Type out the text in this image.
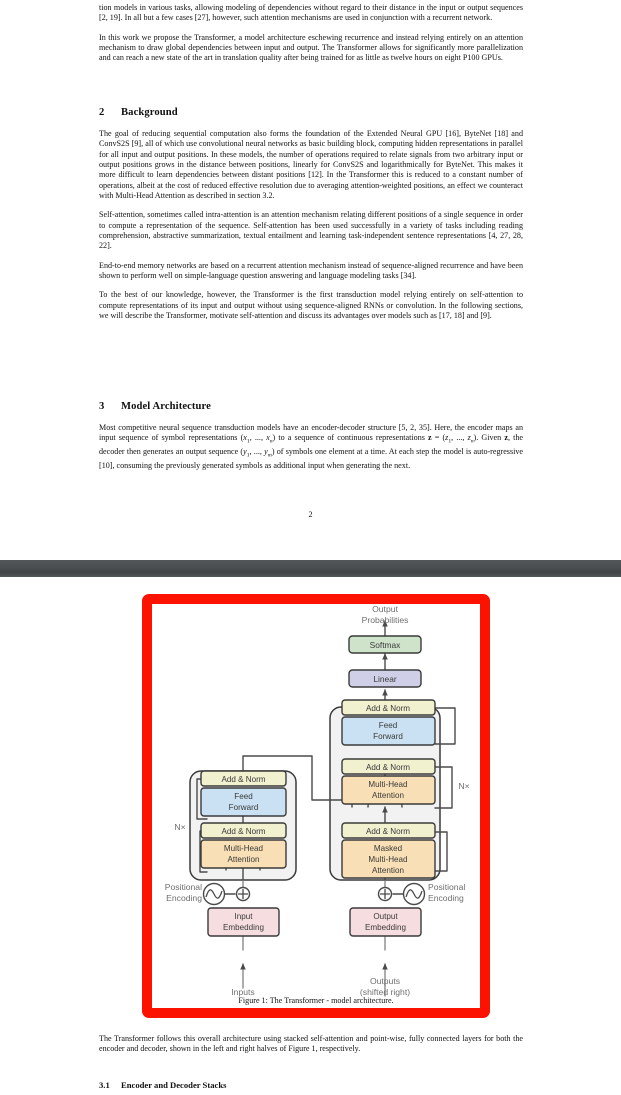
tion models in various tasks, allowing modeling of dependencies without regard to their distance in the input or output sequences [2, 19]. In all but a few cases [27], however, such attention mechanisms are used in conjunction with a recurrent network.

In this work we propose the Transformer, a model architecture eschewing recurrence and instead relying entirely on an attention mechanism to draw global dependencies between input and output. The Transformer allows for significantly more parallelization and can reach a new state of the art in translation quality after being trained for as little as twelve hours on eight P100 GPUs.

2 Background

The goal of reducing sequential computation also forms the foundation of the Extended Neural GPU [16], ByteNet [18] and ConvS2S [9], all of which use convolutional neural networks as basic building block, computing hidden representations in parallel for all input and output positions. In these models, the number of operations required to relate signals from two arbitrary input or output positions grows in the distance between positions, linearly for ConvS2S and logarithmically for ByteNet. This makes it more difficult to learn dependencies between distant positions [12]. In the Transformer this is reduced to a constant number of operations, albeit at the cost of reduced effective resolution due to averaging attention-weighted positions, an effect we counteract with Multi-Head Attention as described in section 3.2.

Self-attention, sometimes called intra-attention is an attention mechanism relating different positions of a single sequence in order to compute a representation of the sequence. Self-attention has been used successfully in a variety of tasks including reading comprehension, abstractive summarization, textual entailment and learning task-independent sentence representations [4, 27, 28, 22].

End-to-end memory networks are based on a recurrent attention mechanism instead of sequence-aligned recurrence and have been shown to perform well on simple-language question answering and language modeling tasks [34].

To the best of our knowledge, however, the Transformer is the first transduction model relying entirely on self-attention to compute representations of its input and output without using sequence-aligned RNNs or convolution. In the following sections, we will describe the Transformer, motivate self-attention and discuss its advantages over models such as [17, 18] and [9].

3 Model Architecture

Most competitive neural sequence transduction models have an encoder-decoder structure [5, 2, 35]. Here, the encoder maps an input sequence of symbol representations ($x_1$, ..., $x_n$) to a sequence of continuous representations $z = (z_1$, ..., $z_n$). Given z, the decoder then generates an output sequence ($y_1$, ..., $y_m$) of symbols one element at a time. At each step the model is auto-regressive [10], consuming the previously generated symbols as additional input when generating the next.

2
Softmax
Linear
Add & Norm
Feed
Forward
Add & Norm
Multi-Head
Attention
Add & Norm
Masked
Multi-Head
Attention
Add & Norm
Feed
Forward
Add & Norm
Multi-Head
Attention
Input
Embedding
Output
Embedding
Output
Probabilities
Positional
Encoding
Positional
Encoding
Inputs
Outputs
(shifted right)
N×
N×
Figure 1: The Transformer - model architecture.

The Transformer follows this overall architecture using stacked self-attention and point-wise, fully connected layers for both the encoder and decoder, shown in the left and right halves of Figure 1, respectively.

3.1 Encoder and Decoder Stacks
